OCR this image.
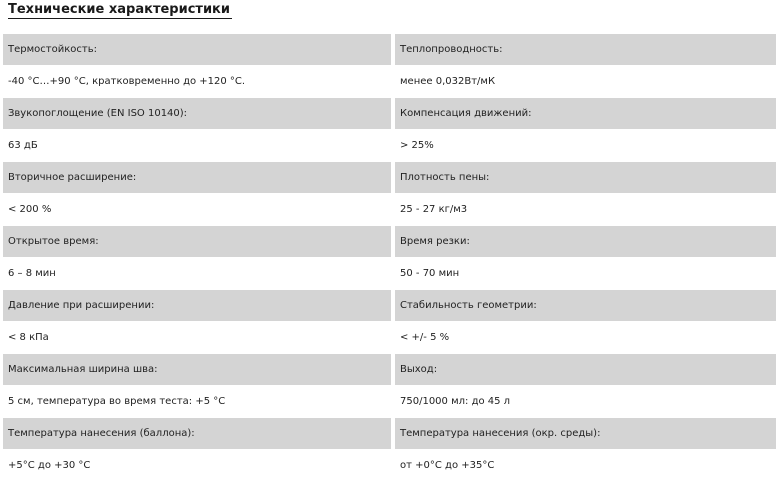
Технические характеристики
Термостойкость:	Теплопроводность:
-40 °С…+90 °С, кратковременно до +120 °С.	менее 0,032Вт/мК
Звукопоглощение (EN ISO 10140):	Компенсация движений:
63 дБ	> 25%
Вторичное расширение:	Плотность пены:
< 200 %	25 - 27 кг/м3
Открытое время:	Время резки:
6 – 8 мин	50 - 70 мин
Давление при расширении:	Стабильность геометрии:
< 8 кПа	< +/- 5 %
Максимальная ширина шва:	Выход:
5 см, температура во время теста: +5 °С	750/1000 мл: до 45 л
Температура нанесения (баллона):	Температура нанесения (окр. среды):
+5°С до +30 °С	от +0°С до +35°С
